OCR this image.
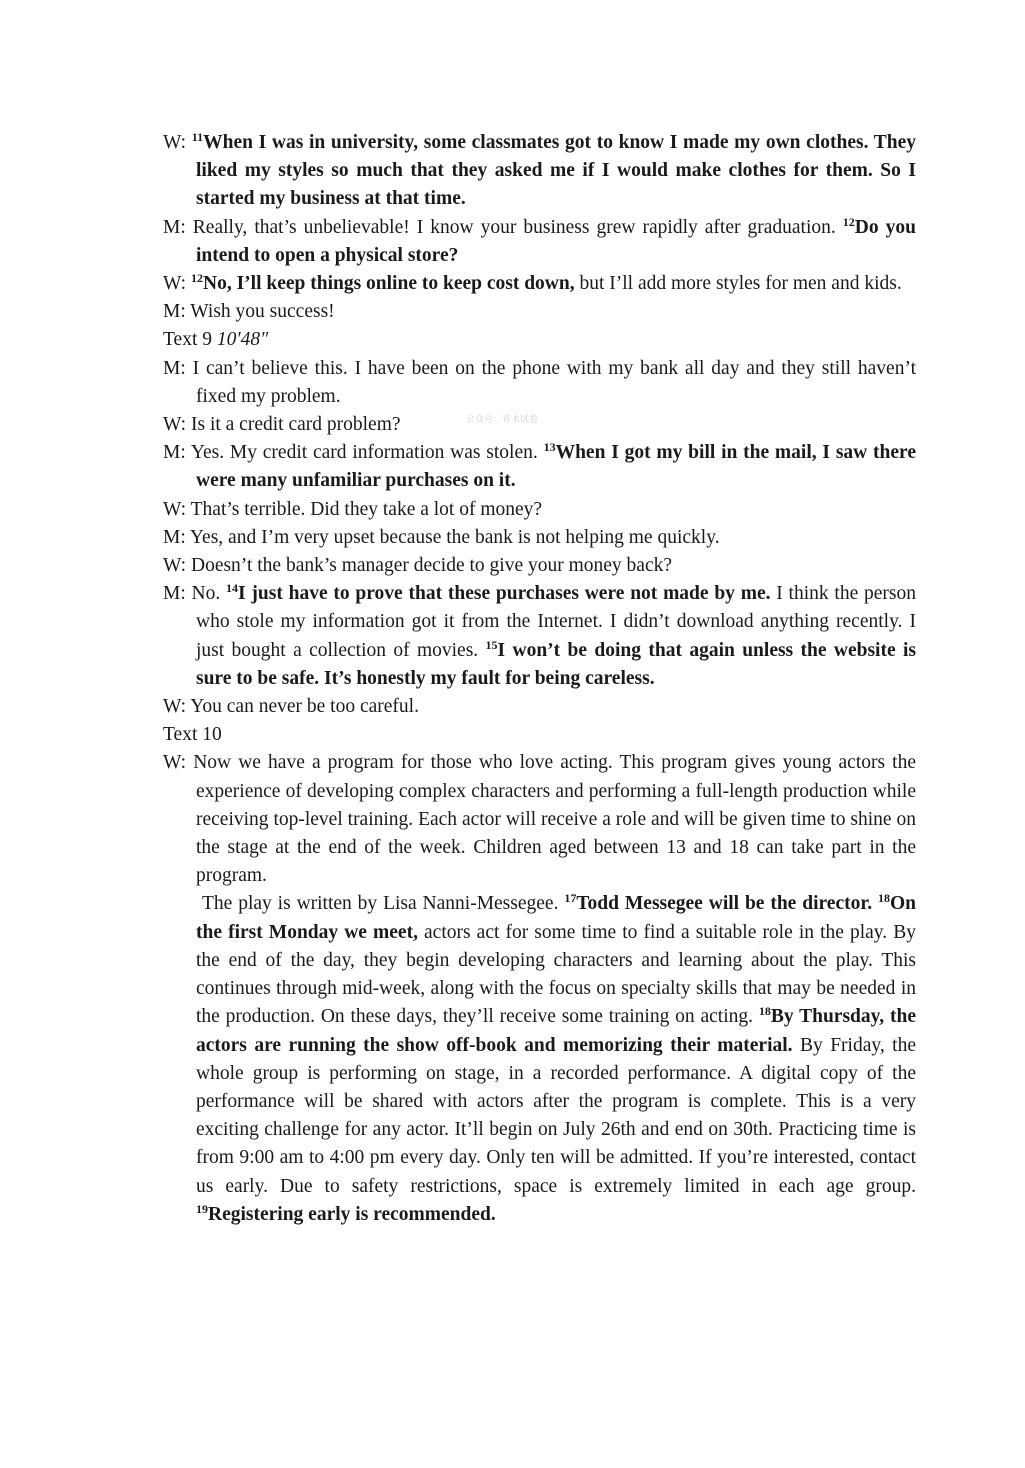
W: $^{11}$When I was in university, some classmates got to know I made my own clothes. They liked my styles so much that they asked me if I would make clothes for them. So I started my business at that time.

M: Really, that’s unbelievable! I know your business grew rapidly after graduation. $^{12}$Do you intend to open a physical store?

W: $^{12}$No, I’ll keep things online to keep cost down, but I’ll add more styles for men and kids.

M: Wish you success!

Text 9 10′48″

M: I can’t believe this. I have been on the phone with my bank all day and they still haven’t fixed my problem.

W: Is it a credit card problem?

M: Yes. My credit card information was stolen. $^{13}$When I got my bill in the mail, I saw there were many unfamiliar purchases on it.

W: That’s terrible. Did they take a lot of money?

M: Yes, and I’m very upset because the bank is not helping me quickly.

W: Doesn’t the bank’s manager decide to give your money back?

M: No. $^{14}$I just have to prove that these purchases were not made by me. I think the person who stole my information got it from the Internet. I didn’t download anything recently. I just bought a collection of movies. $^{15}$I won’t be doing that again unless the website is sure to be safe. It’s honestly my fault for being careless.

W: You can never be too careful.

Text 10

W: Now we have a program for those who love acting. This program gives young actors the experience of developing complex characters and performing a full-length production while receiving top-level training. Each actor will receive a role and will be given time to shine on the stage at the end of the week. Children aged between 13 and 18 can take part in the program.

The play is written by Lisa Nanni-Messegee. $^{17}$Todd Messegee will be the director. $^{18}$On the first Monday we meet, actors act for some time to find a suitable role in the play. By the end of the day, they begin developing characters and learning about the play. This continues through mid-week, along with the focus on specialty skills that may be needed in the production. On these days, they’ll receive some training on acting. $^{18}$By Thursday, the actors are running the show off-book and memorizing their material. By Friday, the whole group is performing on stage, in a recorded performance. A digital copy of the performance will be shared with actors after the program is complete. This is a very exciting challenge for any actor. It’ll begin on July 26th and end on 30th. Practicing time is from 9:00 am to 4:00 pm every day. Only ten will be admitted. If you’re interested, contact us early. Due to safety restrictions, space is extremely limited in each age group. $^{19}$Registering early is recommended.

公众号：青木试卷
